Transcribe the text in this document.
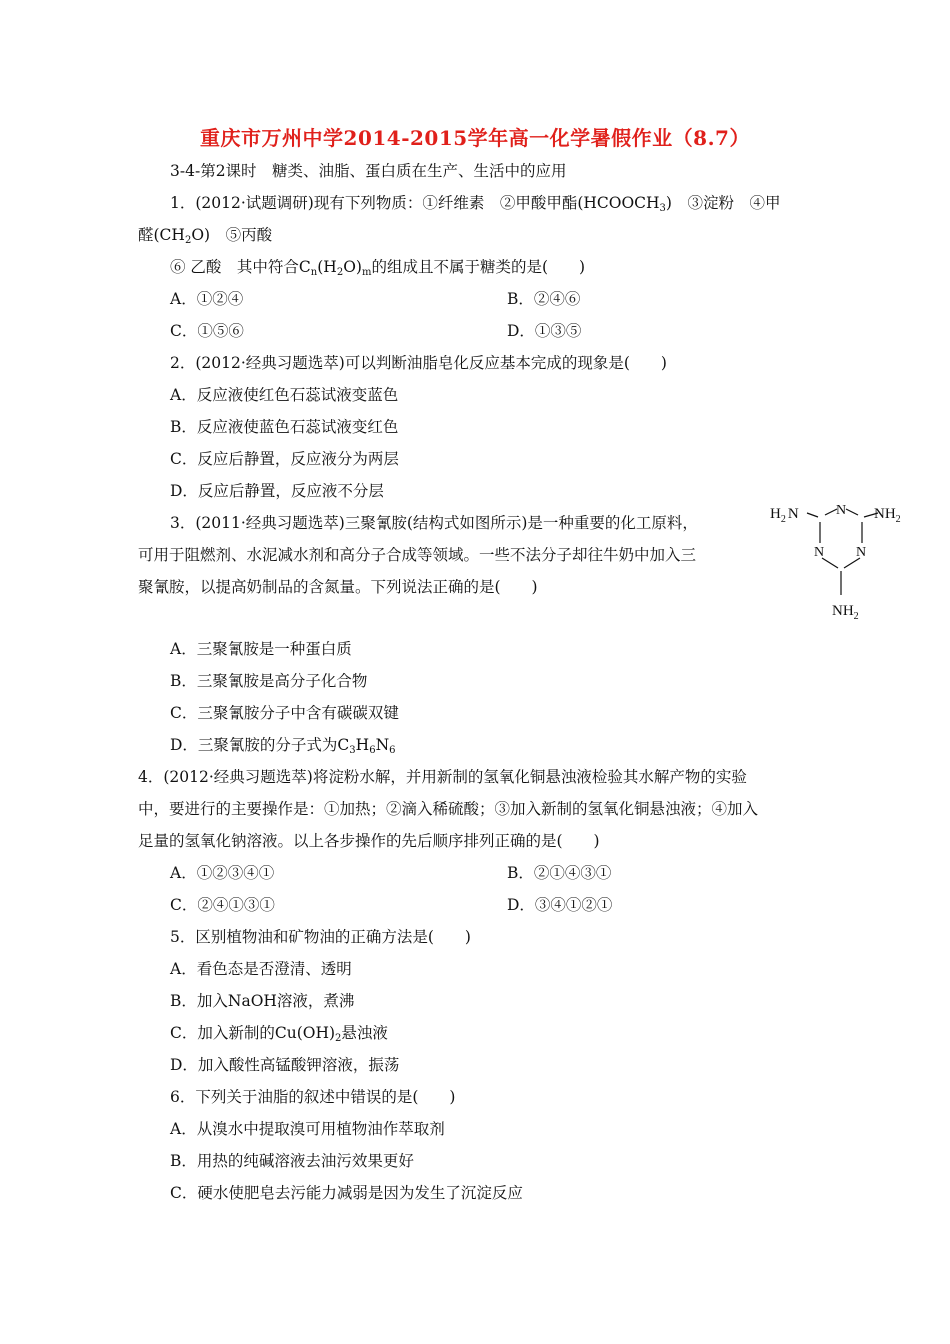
重庆市万州中学2014-2015学年高一化学暑假作业（8.7）
3-4-第2课时　糖类、油脂、蛋白质在生产、生活中的应用
1．(2012·试题调研)现有下列物质：①纤维素　②甲酸甲酯$(HCOOCH_3)$　③淀粉　④甲
醛$(CH_2O)$　⑤丙酸
⑥ 乙酸　其中符合$C_n(H_2O)_m$的组成且不属于糖类的是(　　)
A．①②④	B．②④⑥
C．①⑤⑥	D．①③⑤
2．(2012·经典习题选萃)可以判断油脂皂化反应基本完成的现象是(　　)
A．反应液使红色石蕊试液变蓝色
B．反应液使蓝色石蕊试液变红色
C．反应后静置，反应液分为两层
D．反应后静置，反应液不分层
3．(2011·经典习题选萃)三聚氰胺(结构式如图所示)是一种重要的化工原料，
可用于阻燃剂、水泥减水剂和高分子合成等领域。一些不法分子却往牛奶中加入三
聚氰胺，以提高奶制品的含氮量。下列说法正确的是(　　)
N
N N
$H_2$ N	$NH_2$
$NH_2$
A．三聚氰胺是一种蛋白质
B．三聚氰胺是高分子化合物
C．三聚氰胺分子中含有碳碳双键
D．三聚氰胺的分子式为$C_3H_6N_6$
4．(2012·经典习题选萃)将淀粉水解，并用新制的氢氧化铜悬浊液检验其水解产物的实验
中，要进行的主要操作是：①加热；②滴入稀硫酸；③加入新制的氢氧化铜悬浊液；④加入
足量的氢氧化钠溶液。以上各步操作的先后顺序排列正确的是(　　)
A．①②③④①	B．②①④③①
C．②④①③①	D．③④①②①
5．区别植物油和矿物油的正确方法是(　　)
A．看色态是否澄清、透明
B．加入NaOH溶液，煮沸
C．加入新制的$Cu(OH)_2$悬浊液
D．加入酸性高锰酸钾溶液，振荡
6．下列关于油脂的叙述中错误的是(　　)
A．从溴水中提取溴可用植物油作萃取剂
B．用热的纯碱溶液去油污效果更好
C．硬水使肥皂去污能力减弱是因为发生了沉淀反应
